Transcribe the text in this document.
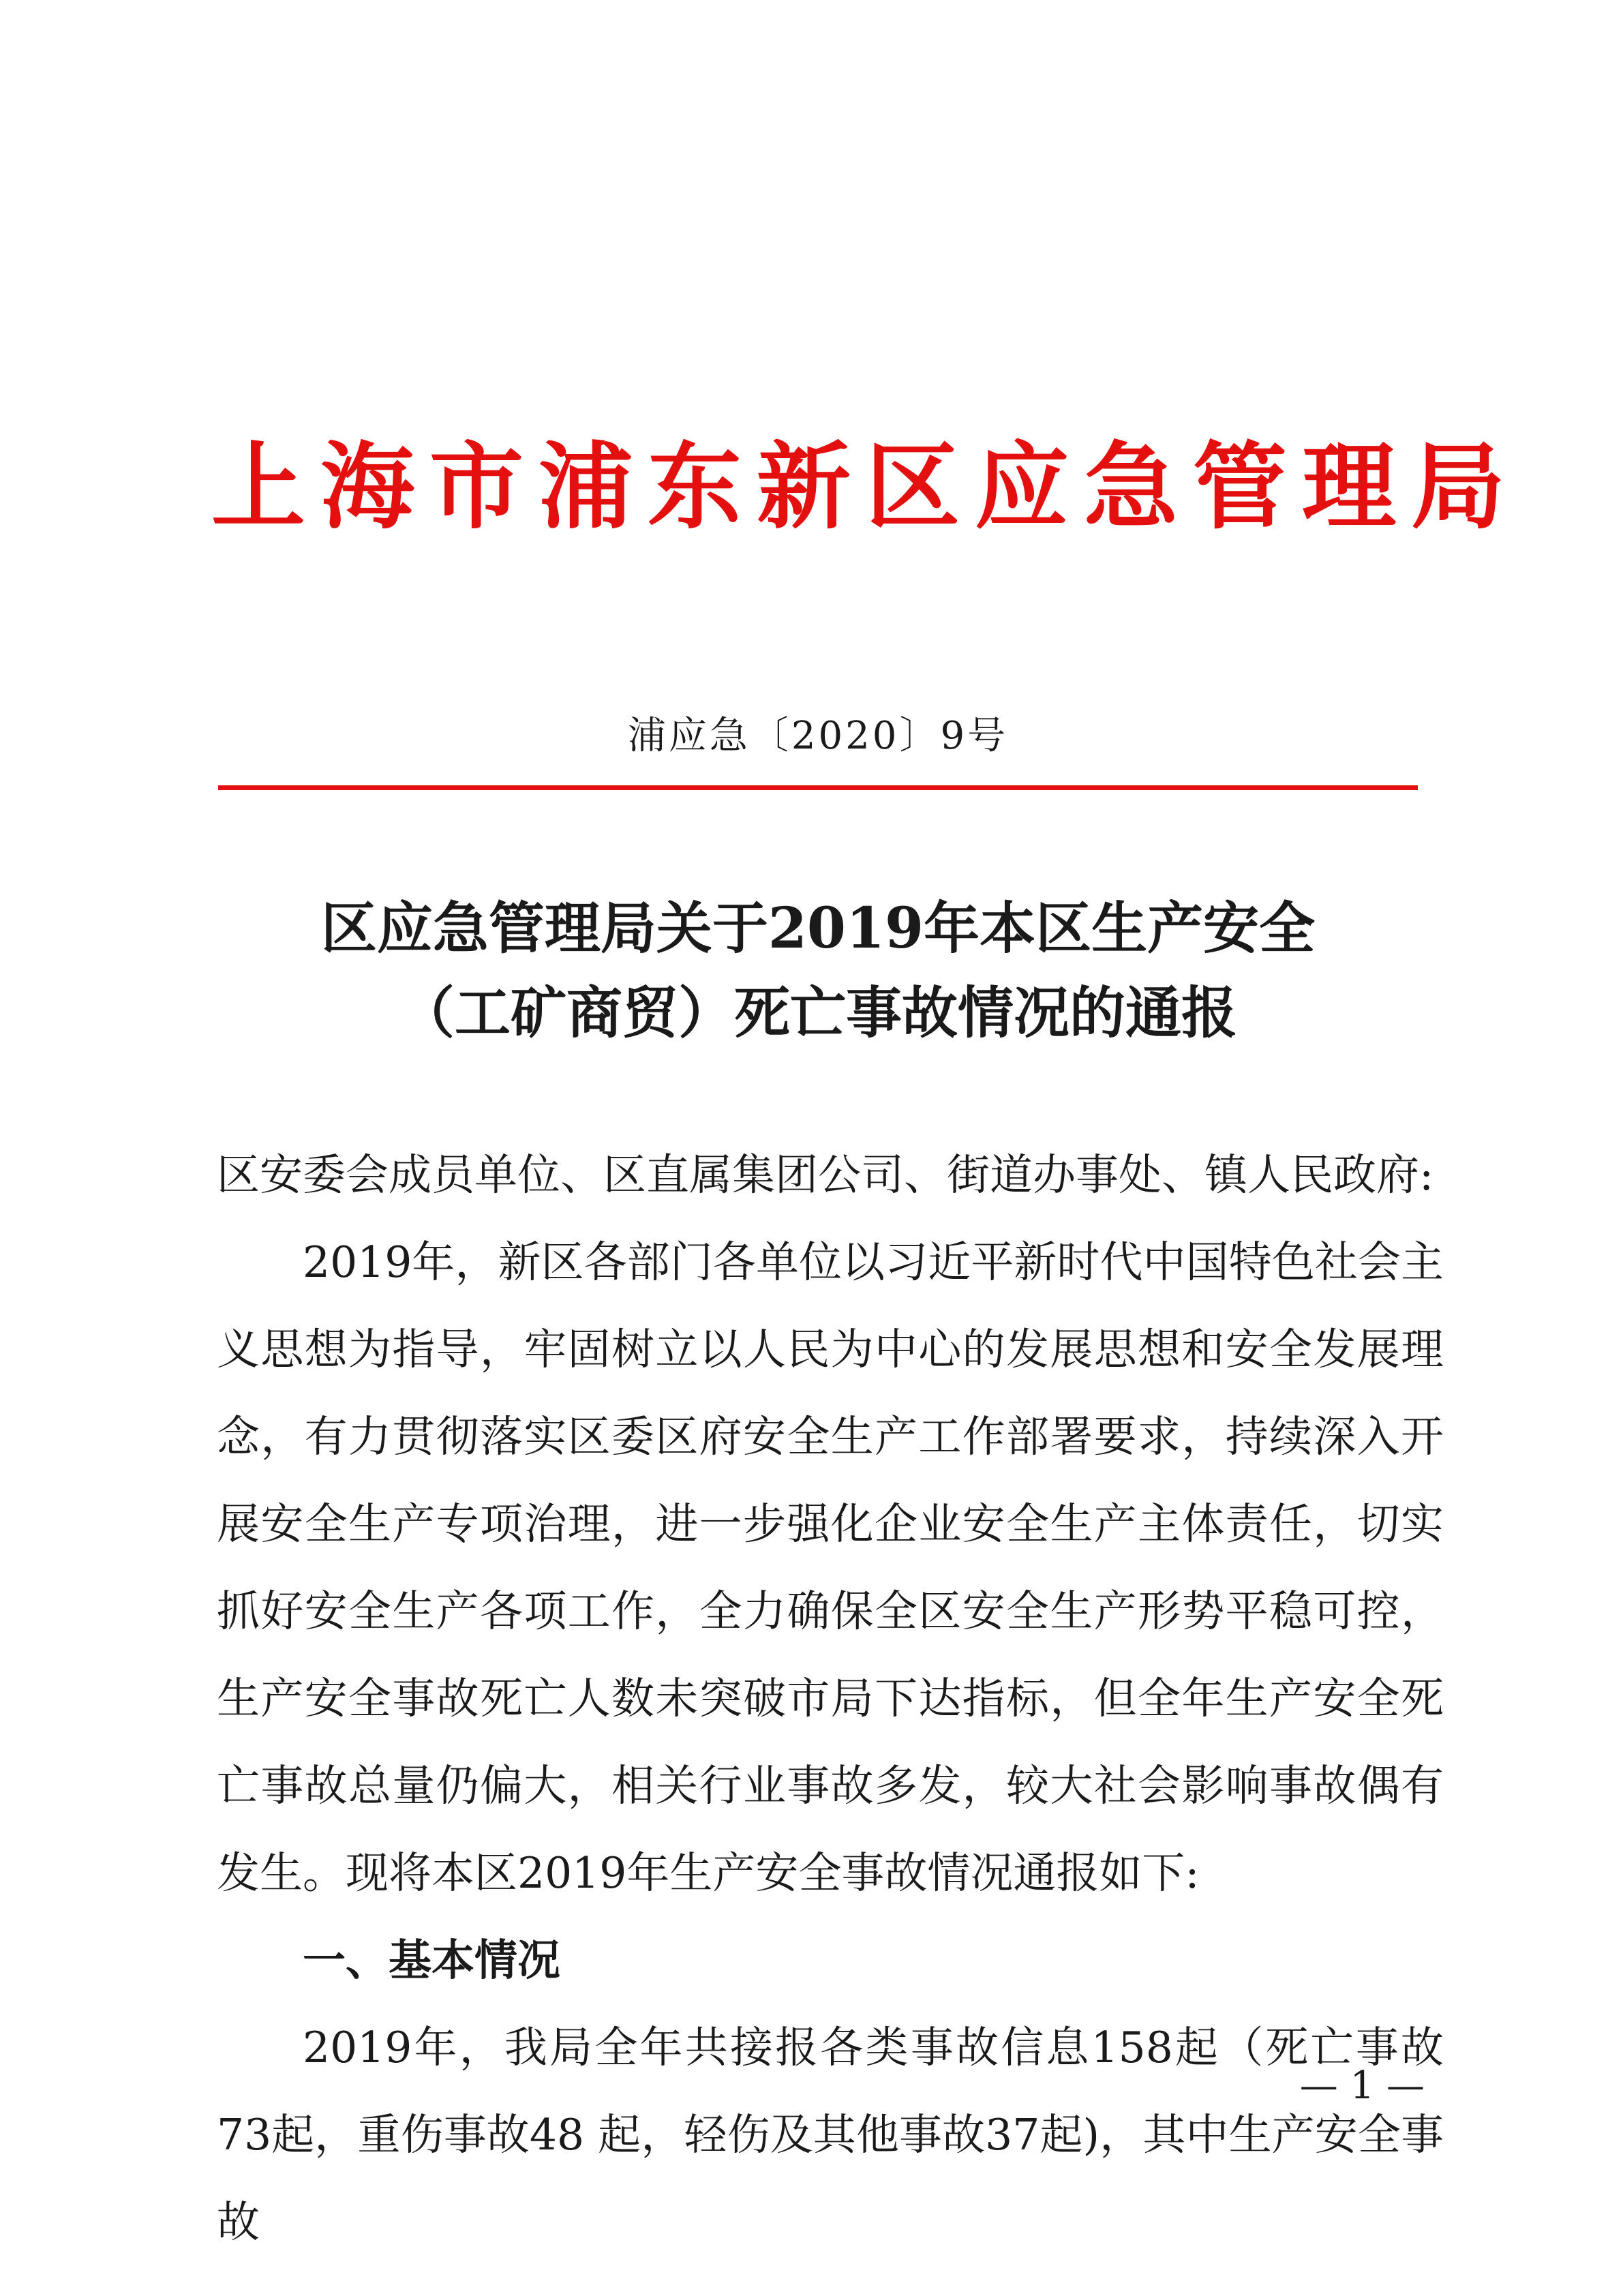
上海市浦东新区应急管理局
浦应急〔2020〕9号
区应急管理局关于2019年本区生产安全
（工矿商贸）死亡事故情况的通报

区安委会成员单位、区直属集团公司、街道办事处、镇人民政府:

2019年，新区各部门各单位以习近平新时代中国特色社会主义思想为指导，牢固树立以人民为中心的发展思想和安全发展理念，有力贯彻落实区委区府安全生产工作部署要求，持续深入开展安全生产专项治理，进一步强化企业安全生产主体责任，切实抓好安全生产各项工作，全力确保全区安全生产形势平稳可控，生产安全事故死亡人数未突破市局下达指标，但全年生产安全死亡事故总量仍偏大，相关行业事故多发，较大社会影响事故偶有发生。现将本区2019年生产安全事故情况通报如下:

一、基本情况

2019年，我局全年共接报各类事故信息158起（死亡事故73起，重伤事故48 起，轻伤及其他事故37起)，其中生产安全事故

— 1 —
